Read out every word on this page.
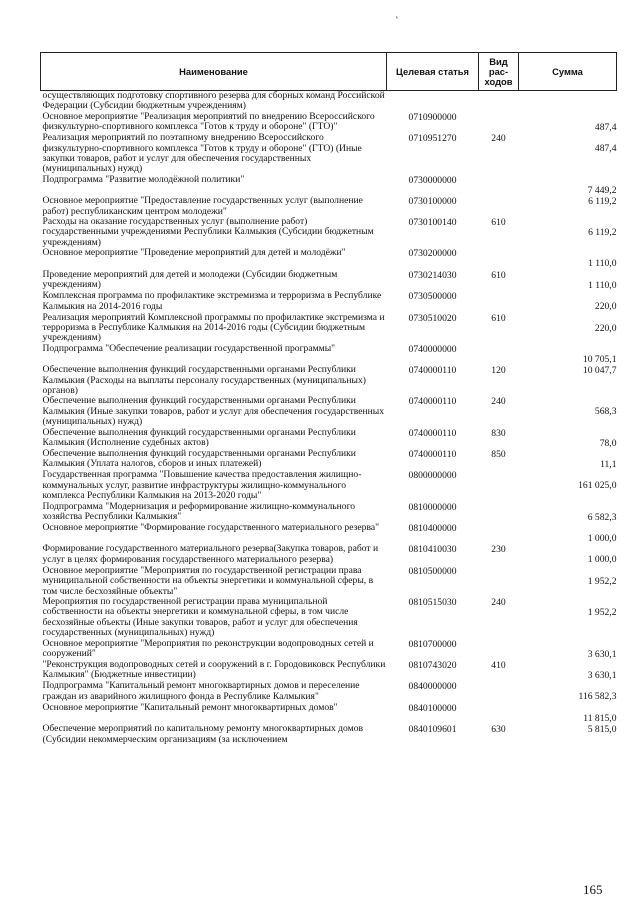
‘
Наименование	Целевая статья	Вид рас-ходов	Сумма
осуществляющих подготовку спортивного резерва для сборных команд Российской Федерации (Субсидии бюджетным учреждениям)			
Основное мероприятие "Реализация мероприятий по внедрению Всероссийского физкультурно-спортивного комплекса "Готов к труду и обороне" (ГТО)"	0710900000		487,4
Реализация мероприятий по поэтапному внедрению Всероссийского физкультурно-спортивного комплекса "Готов к труду и обороне" (ГТО) (Иные закупки товаров, работ и услуг для обеспечения государственных (муниципальных) нужд)	0710951270	240	487,4
Подпрограмма "Развитие молодёжной политики"	0730000000		7 449,2
Основное мероприятие "Предоставление государственных услуг (выполнение работ) республиканским центром молодежи"	0730100000		6 119,2
Расходы на оказание государственных услуг (выполнение работ) государственными учреждениями Республики Калмыкия (Субсидии бюджетным учреждениям)	0730100140	610	6 119,2
Основное мероприятие "Проведение мероприятий для детей и молодёжи"	0730200000		1 110,0
Проведение мероприятий для детей и молодежи (Субсидии бюджетным учреждениям)	0730214030	610	1 110,0
Комплексная программа по профилактике экстремизма и терроризма в Республике Калмыкия на 2014-2016 годы	0730500000		220,0
Реализация мероприятий Комплексной программы по профилактике экстремизма и терроризма в Республике Калмыкия на 2014-2016 годы (Субсидии бюджетным учреждениям)	0730510020	610	220,0
Подпрограмма "Обеспечение реализации государственной программы"	0740000000		10 705,1
Обеспечение выполнения функций государственными органами Республики Калмыкия (Расходы на выплаты персоналу государственных (муниципальных) органов)	0740000110	120	10 047,7
Обеспечение выполнения функций государственными органами Республики Калмыкия (Иные закупки товаров, работ и услуг для обеспечения государственных (муниципальных) нужд)	0740000110	240	568,3
Обеспечение выполнения функций государственными органами Республики Калмыкия (Исполнение судебных актов)	0740000110	830	78,0
Обеспечение выполнения функций государственными органами Республики Калмыкия (Уплата налогов, сборов и иных платежей)	0740000110	850	11,1
Государственная программа "Повышение качества предоставления жилищно-коммунальных услуг, развитие инфраструктуры жилищно-коммунального комплекса Республики Калмыкия на 2013-2020 годы"	0800000000		161 025,0
Подпрограмма "Модернизация и реформирование жилищно-коммунального хозяйства Республики Калмыкия"	0810000000		6 582,3
Основное мероприятие "Формирование государственного материального резерва"	0810400000		1 000,0
Формирование государственного материального резерва(Закупка товаров, работ и услуг в целях формирования государственного материального резерва)	0810410030	230	1 000,0
Основное мероприятие "Мероприятия по государственной регистрации права муниципальной собственности на объекты энергетики и коммунальной сферы, в том числе бесхозяйные объекты"	0810500000		1 952,2
Мероприятия по государственной регистрации права муниципальной собственности на объекты энергетики и коммунальной сферы, в том числе бесхозяйные объекты (Иные закупки товаров, работ и услуг для обеспечения государственных (муниципальных) нужд)	0810515030	240	1 952,2
Основное мероприятие "Мероприятия по реконструкции водопроводных сетей и сооружений"	0810700000		3 630,1
"Реконструкция водопроводных сетей и сооружений в г. Городовиковск Республики Калмыкия" (Бюджетные инвестиции)	0810743020	410	3 630,1
Подпрограмма "Капитальный ремонт многоквартирных домов и переселение граждан из аварийного жилищного фонда в Республике Калмыкия"	0840000000		116 582,3
Основное мероприятие "Капитальный ремонт многоквартирных домов"	0840100000		11 815,0
Обеспечение мероприятий по капитальному ремонту многоквартирных домов (Субсидии некоммерческим организациям (за исключением	0840109601	630	5 815,0
165
